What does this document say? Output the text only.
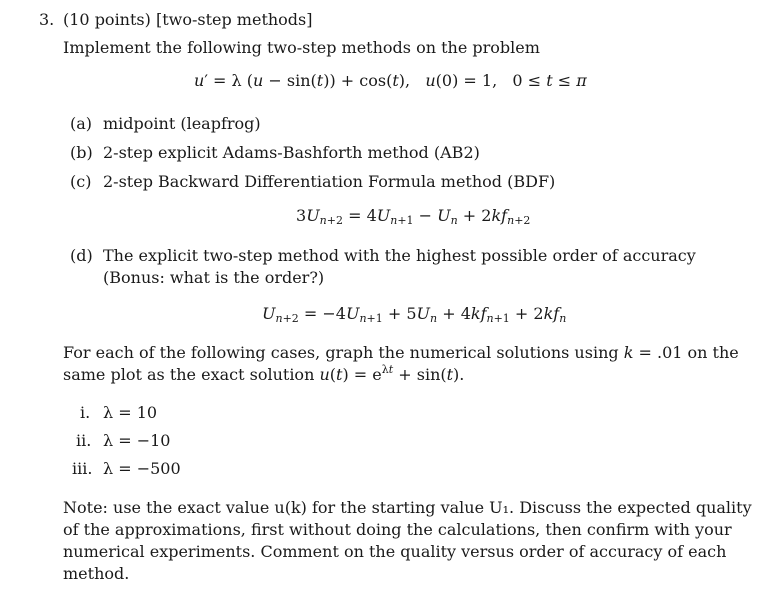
3. (10 points) [two-step methods]
Implement the following two-step methods on the problem
u′ = λ (u − sin(t)) + cos(t),   u(0) = 1,   0 ≤ t ≤ π
(a) midpoint (leapfrog)
(b) 2-step explicit Adams-Bashforth method (AB2)
(c) 2-step Backward Differentiation Formula method (BDF)
$3U_{n+2} = 4U_{n+1} - U_n + 2kf_{n+2}$
(d) The explicit two-step method with the highest possible order of accuracy
(Bonus: what is the order?)
$U_{n+2} = -4U_{n+1} + 5U_n + 4kf_{n+1} + 2kf_n$
For each of the following cases, graph the numerical solutions using k = .01 on the
same plot as the exact solution $u(t) = e^{\lambda t} + \sin(t)$.
i. λ = 10
ii. λ = −10
iii. λ = −500
Note: use the exact value u(k) for the starting value U₁. Discuss the expected quality
of the approximations, first without doing the calculations, then confirm with your
numerical experiments. Comment on the quality versus order of accuracy of each
method.
